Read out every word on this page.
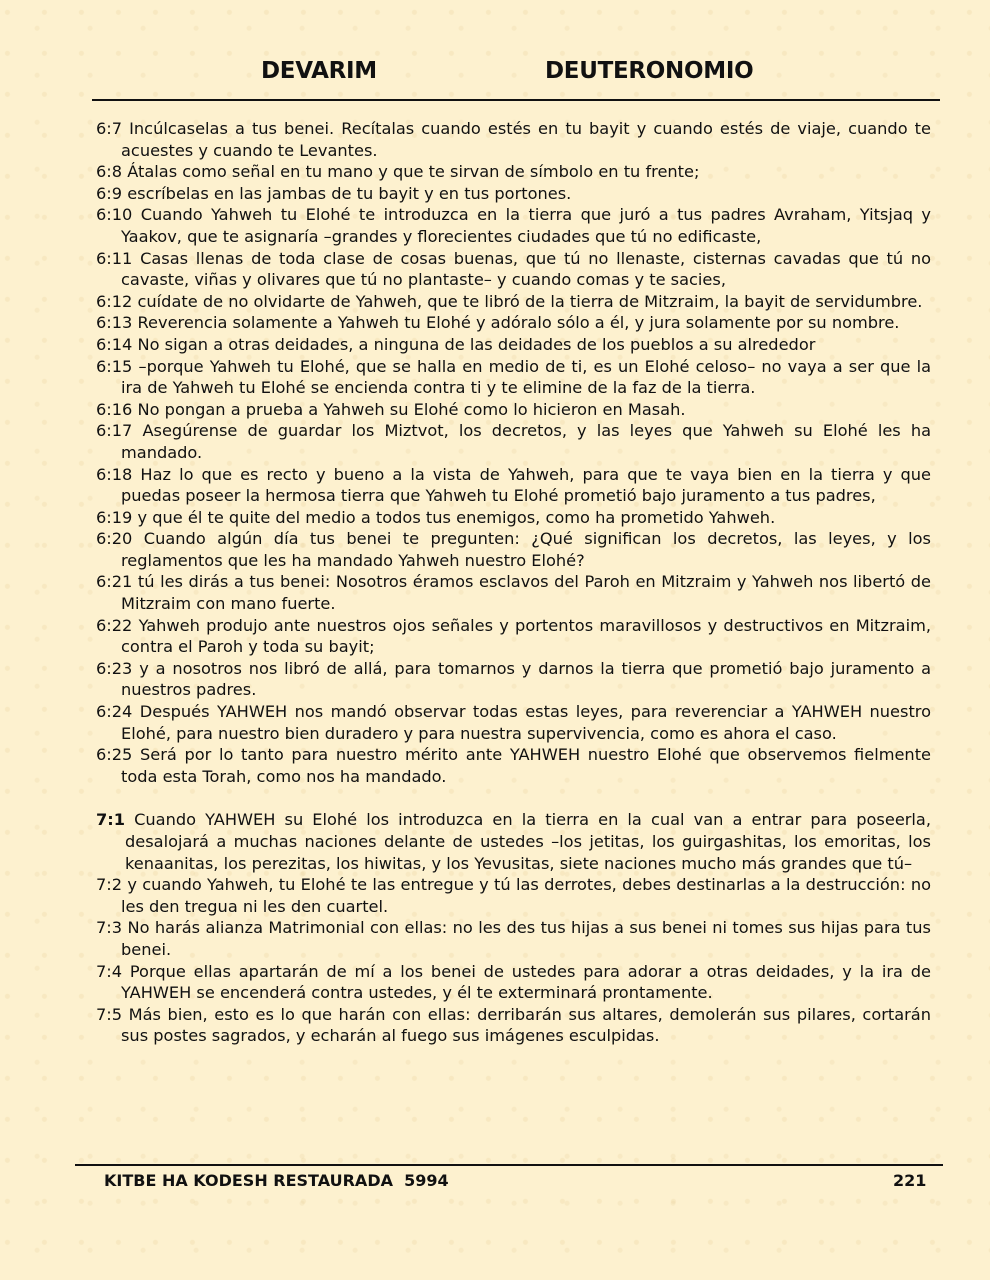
DEVARIM	DEUTERONOMIO

6:7 Incúlcaselas a tus benei. Recítalas cuando estés en tu bayit y cuando estés de viaje, cuando te acuestes y cuando te Levantes.

6:8 Átalas como señal en tu mano y que te sirvan de símbolo en tu frente;

6:9 escríbelas en las jambas de tu bayit y en tus portones.

6:10 Cuando Yahweh tu Elohé te introduzca en la tierra que juró a tus padres Avraham, Yitsjaq y Yaakov, que te asignaría –grandes y florecientes ciudades que tú no edificaste,

6:11 Casas llenas de toda clase de cosas buenas, que tú no llenaste, cisternas cavadas que tú no cavaste, viñas y olivares que tú no plantaste– y cuando comas y te sacies,

6:12 cuídate de no olvidarte de Yahweh, que te libró de la tierra de Mitzraim, la bayit de servidumbre.

6:13 Reverencia solamente a Yahweh tu Elohé y adóralo sólo a él, y jura solamente por su nombre.

6:14 No sigan a otras deidades, a ninguna de las deidades de los pueblos a su alrededor

6:15 –porque Yahweh tu Elohé, que se halla en medio de ti, es un Elohé celoso– no vaya a ser que la ira de Yahweh tu Elohé se encienda contra ti y te elimine de la faz de la tierra.

6:16 No pongan a prueba a Yahweh su Elohé como lo hicieron en Masah.

6:17 Asegúrense de guardar los Miztvot, los decretos, y las leyes que Yahweh su Elohé les ha mandado.

6:18 Haz lo que es recto y bueno a la vista de Yahweh, para que te vaya bien en la tierra y que puedas poseer la hermosa tierra que Yahweh tu Elohé prometió bajo juramento a tus padres,

6:19 y que él te quite del medio a todos tus enemigos, como ha prometido Yahweh.

6:20 Cuando algún día tus benei te pregunten: ¿Qué significan los decretos, las leyes, y los reglamentos que les ha mandado Yahweh nuestro Elohé?

6:21 tú les dirás a tus benei: Nosotros éramos esclavos del Paroh en Mitzraim y Yahweh nos libertó de Mitzraim con mano fuerte.

6:22 Yahweh produjo ante nuestros ojos señales y portentos maravillosos y destructivos en Mitzraim, contra el Paroh y toda su bayit;

6:23 y a nosotros nos libró de allá, para tomarnos y darnos la tierra que prometió bajo juramento a nuestros padres.

6:24 Después YAHWEH nos mandó observar todas estas leyes, para reverenciar a YAHWEH nuestro Elohé, para nuestro bien duradero y para nuestra supervivencia, como es ahora el caso.

6:25 Será por lo tanto para nuestro mérito ante YAHWEH nuestro Elohé que observemos fielmente toda esta Torah, como nos ha mandado.

7:1 Cuando YAHWEH su Elohé los introduzca en la tierra en la cual van a entrar para poseerla, desalojará a muchas naciones delante de ustedes –los jetitas, los guirgashitas, los emoritas, los kenaanitas, los perezitas, los hiwitas, y los Yevusitas, siete naciones mucho más grandes que tú–

7:2 y cuando Yahweh, tu Elohé te las entregue y tú las derrotes, debes destinarlas a la destrucción: no les den tregua ni les den cuartel.

7:3 No harás alianza Matrimonial con ellas: no les des tus hijas a sus benei ni tomes sus hijas para tus benei.

7:4 Porque ellas apartarán de mí a los benei de ustedes para adorar a otras deidades, y la ira de YAHWEH se encenderá contra ustedes, y él te exterminará prontamente.

7:5 Más bien, esto es lo que harán con ellas: derribarán sus altares, demolerán sus pilares, cortarán sus postes sagrados, y echarán al fuego sus imágenes esculpidas.

KITBE HA KODESH RESTAURADA  5994	221
